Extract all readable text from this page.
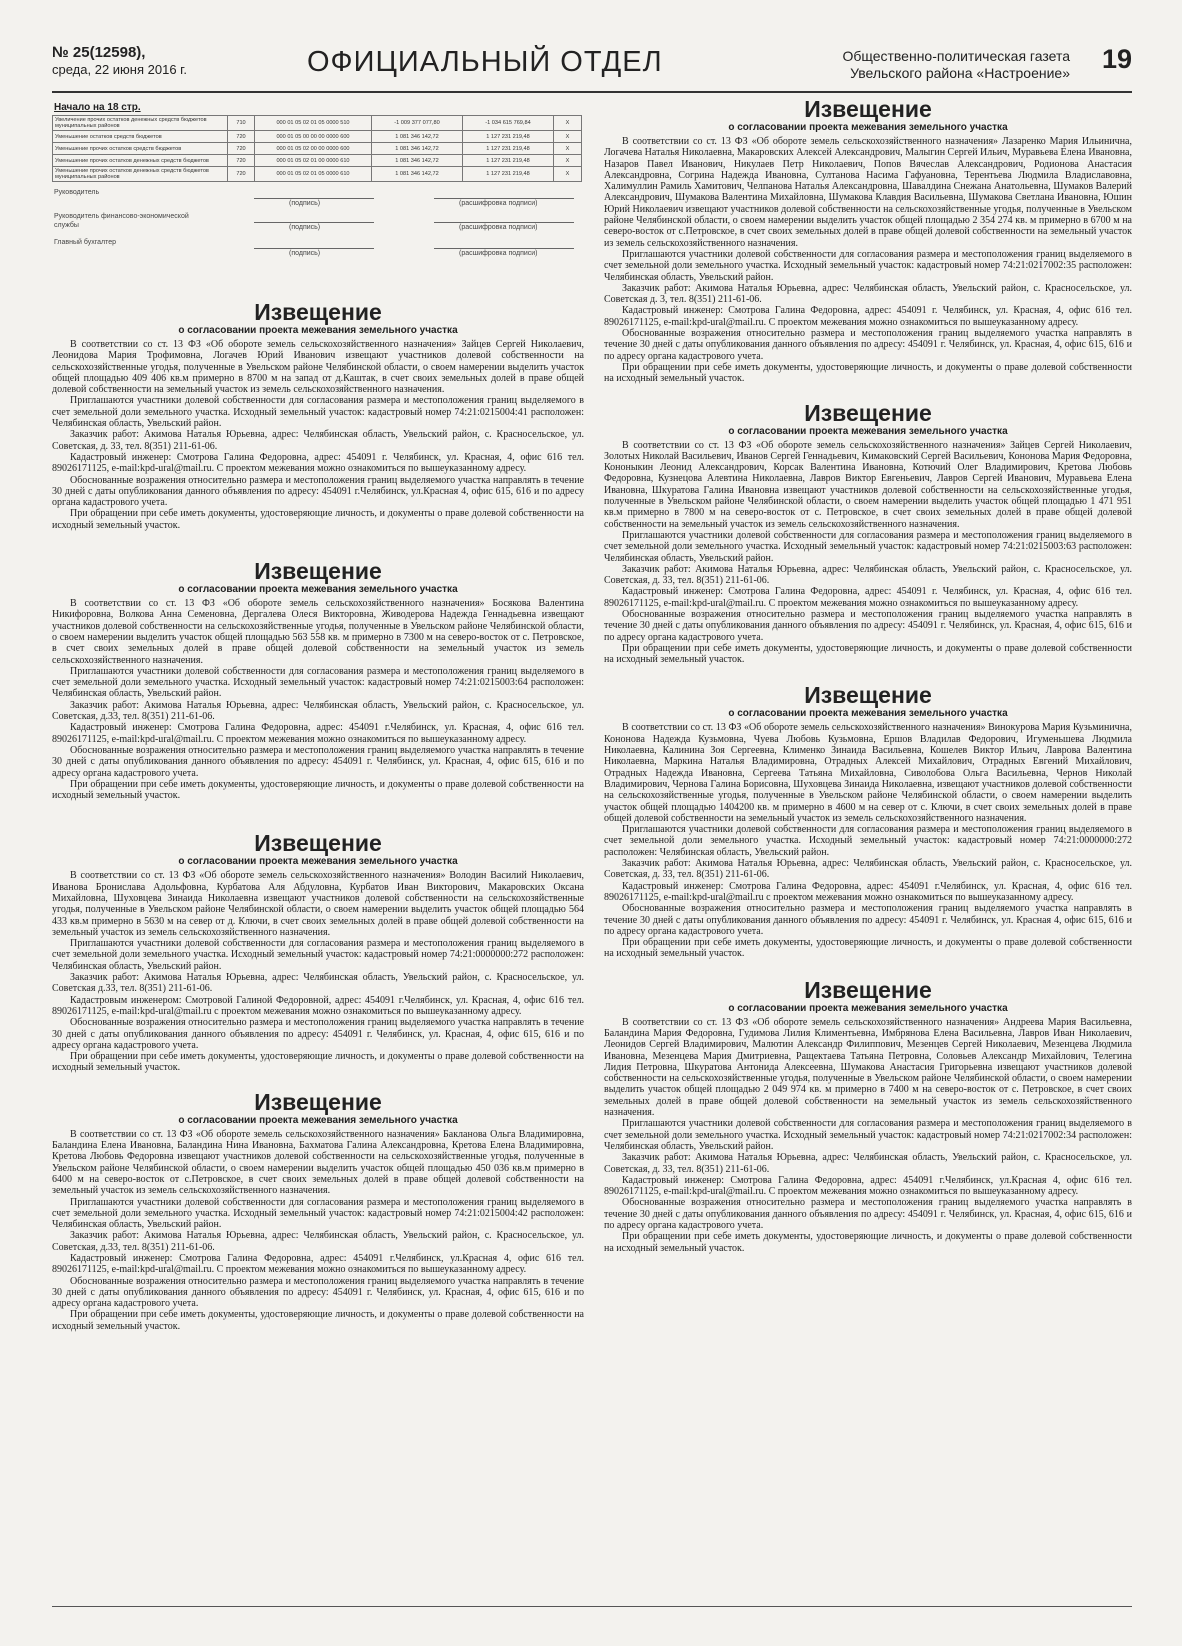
№ 25(12598),
среда, 22 июня 2016 г.	ОФИЦИАЛЬНЫЙ ОТДЕЛ	Общественно-политическая газета
Увельского района «Настроение» 19
Начало на 18 стр.
Увеличение прочих остатков денежных средств бюджетов муниципальных районов	710	000 01 05 02 01 05 0000 510	-1 009 377 077,80	-1 034 615 769,84	X
Уменьшение остатков средств бюджетов	720	000 01 05 00 00 00 0000 600	1 081 346 142,72	1 127 231 219,48	X
Уменьшение прочих остатков средств бюджетов	720	000 01 05 02 00 00 0000 600	1 081 346 142,72	1 127 231 219,48	X
Уменьшение прочих остатков денежных средств бюджетов	720	000 01 05 02 01 00 0000 610	1 081 346 142,72	1 127 231 219,48	X
Уменьшение прочих остатков денежных средств бюджетов муниципальных районов	720	000 01 05 02 01 05 0000 610	1 081 346 142,72	1 127 231 219,48	X
Руководитель
(подпись)	(расшифровка подписи)
Руководитель финансово-экономической службы	(подпись)	(расшифровка подписи)
Главный бухгалтер
(подпись)	(расшифровка подписи)
Извещение
о согласовании проекта межевания земельного участка

В соответствии со ст. 13 ФЗ «Об обороте земель сельскохозяйственного назначения» Зайцев Сергей Николаевич, Леонидова Мария Трофимовна, Логачев Юрий Иванович извещают участников долевой собственности на сельскохозяйственные угодья, полученные в Увельском районе Челябинской области, о своем намерении выделить участок общей площадью 409 406 кв.м примерно в 8700 м на запад от д.Каштак, в счет своих земельных долей в праве общей долевой собственности на земельный участок из земель сельскохозяйственного назначения.

Приглашаются участники долевой собственности для согласования размера и местоположения границ выделяемого в счет земельной доли земельного участка. Исходный земельный участок: кадастровый номер 74:21:0215004:41 расположен: Челябинская область, Увельский район.

Заказчик работ: Акимова Наталья Юрьевна, адрес: Челябинская область, Увельский район, с. Красносельское, ул. Советская, д. 33, тел. 8(351) 211-61-06.

Кадастровый инженер: Смотрова Галина Федоровна, адрес: 454091 г. Челябинск, ул. Красная, 4, офис 616 тел. 89026171125, e-mail:kpd-ural@mail.ru. С проектом межевания можно ознакомиться по вышеуказанному адресу.

Обоснованные возражения относительно размера и местоположения границ выделяемого участка направлять в течение 30 дней с даты опубликования данного объявления по адресу: 454091 г.Челябинск, ул.Красная 4, офис 615, 616 и по адресу органа кадастрового учета.

При обращении при себе иметь документы, удостоверяющие личность, и документы о праве долевой собственности на исходный земельный участок.

Извещение
о согласовании проекта межевания земельного участка

В соответствии со ст. 13 ФЗ «Об обороте земель сельскохозяйственного назначения» Босякова Валентина Никифоровна, Волкова Анна Семеновна, Дергалева Олеся Викторовна, Живодерова Надежда Геннадьевна извещают участников долевой собственности на сельскохозяйственные угодья, полученные в Увельском районе Челябинской области, о своем намерении выделить участок общей площадью 563 558 кв. м примерно в 7300 м на северо-восток от с. Петровское, в счет своих земельных долей в праве общей долевой собственности на земельный участок из земель сельскохозяйственного назначения.

Приглашаются участники долевой собственности для согласования размера и местоположения границ выделяемого в счет земельной доли земельного участка. Исходный земельный участок: кадастровый номер 74:21:0215003:64 расположен: Челябинская область, Увельский район.

Заказчик работ: Акимова Наталья Юрьевна, адрес: Челябинская область, Увельский район, с. Красносельское, ул. Советская, д.33, тел. 8(351) 211-61-06.

Кадастровый инженер: Смотрова Галина Федоровна, адрес: 454091 г.Челябинск, ул. Красная, 4, офис 616 тел. 89026171125, e-mail:kpd-ural@mail.ru. С проектом межевания можно ознакомиться по вышеуказанному адресу.

Обоснованные возражения относительно размера и местоположения границ выделяемого участка направлять в течение 30 дней с даты опубликования данного объявления по адресу: 454091 г. Челябинск, ул. Красная, 4, офис 615, 616 и по адресу органа кадастрового учета.

При обращении при себе иметь документы, удостоверяющие личность, и документы о праве долевой собственности на исходный земельный участок.

Извещение
о согласовании проекта межевания земельного участка

В соответствии со ст. 13 ФЗ «Об обороте земель сельскохозяйственного назначения» Володин Василий Николаевич, Иванова Бронислава Адольфовна, Курбатова Аля Абдуловна, Курбатов Иван Викторович, Макаровских Оксана Михайловна, Шуховцева Зинаида Николаевна извещают участников долевой собственности на сельскохозяйственные угодья, полученные в Увельском районе Челябинской области, о своем намерении выделить участок общей площадью 564 433 кв.м примерно в 5630 м на север от д. Ключи, в счет своих земельных долей в праве общей долевой собственности на земельный участок из земель сельскохозяйственного назначения.

Приглашаются участники долевой собственности для согласования размера и местоположения границ выделяемого в счет земельной доли земельного участка. Исходный земельный участок: кадастровый номер 74:21:0000000:272 расположен: Челябинская область, Увельский район.

Заказчик работ: Акимова Наталья Юрьевна, адрес: Челябинская область, Увельский район, с. Красносельское, ул. Советская д.33, тел. 8(351) 211-61-06.

Кадастровым инженером: Смотровой Галиной Федоровной, адрес: 454091 г.Челябинск, ул. Красная, 4, офис 616 тел. 89026171125, e-mail:kpd-ural@mail.ru с проектом межевания можно ознакомиться по вышеуказанному адресу.

Обоснованные возражения относительно размера и местоположения границ выделяемого участка направлять в течение 30 дней с даты опубликования данного объявления по адресу: 454091 г. Челябинск, ул. Красная, 4, офис 615, 616 и по адресу органа кадастрового учета.

При обращении при себе иметь документы, удостоверяющие личность, и документы о праве долевой собственности на исходный земельный участок.

Извещение
о согласовании проекта межевания земельного участка

В соответствии со ст. 13 ФЗ «Об обороте земель сельскохозяйственного назначения» Бакланова Ольга Владимировна, Баландина Елена Ивановна, Баландина Нина Ивановна, Бахматова Галина Александровна, Кретова Елена Владимировна, Кретова Любовь Федоровна извещают участников долевой собственности на сельскохозяйственные угодья, полученные в Увельском районе Челябинской области, о своем намерении выделить участок общей площадью 450 036 кв.м примерно в 6400 м на северо-восток от с.Петровское, в счет своих земельных долей в праве общей долевой собственности на земельный участок из земель сельскохозяйственного назначения.

Приглашаются участники долевой собственности для согласования размера и местоположения границ выделяемого в счет земельной доли земельного участка. Исходный земельный участок: кадастровый номер 74:21:0215004:42 расположен: Челябинская область, Увельский район.

Заказчик работ: Акимова Наталья Юрьевна, адрес: Челябинская область, Увельский район, с. Красносельское, ул. Советская, д.33, тел. 8(351) 211-61-06.

Кадастровый инженер: Смотрова Галина Федоровна, адрес: 454091 г.Челябинск, ул.Красная 4, офис 616 тел. 89026171125, e-mail:kpd-ural@mail.ru. С проектом межевания можно ознакомиться по вышеуказанному адресу.

Обоснованные возражения относительно размера и местоположения границ выделяемого участка направлять в течение 30 дней с даты опубликования данного объявления по адресу: 454091 г. Челябинск, ул. Красная, 4, офис 615, 616 и по адресу органа кадастрового учета.

При обращении при себе иметь документы, удостоверяющие личность, и документы о праве долевой собственности на исходный земельный участок.

Извещение
о согласовании проекта межевания земельного участка

В соответствии со ст. 13 ФЗ «Об обороте земель сельскохозяйственного назначения» Лазаренко Мария Ильинична, Логачева Наталья Николаевна, Макаровских Алексей Александрович, Малыгин Сергей Ильич, Муравьева Елена Ивановна, Назаров Павел Иванович, Никулаев Петр Николаевич, Попов Вячеслав Александрович, Родионова Анастасия Александровна, Согрина Надежда Ивановна, Султанова Насима Гафуановна, Терентьева Людмила Владиславовна, Халимуллин Рамиль Хамитович, Челпанова Наталья Александровна, Шавалдина Снежана Анатольевна, Шумаков Валерий Александрович, Шумакова Валентина Михайловна, Шумакова Клавдия Васильевна, Шумакова Светлана Ивановна, Юшин Юрий Николаевич извещают участников долевой собственности на сельскохозяйственные угодья, полученные в Увельском районе Челябинской области, о своем намерении выделить участок общей площадью 2 354 274 кв. м примерно в 6700 м на северо-восток от с.Петровское, в счет своих земельных долей в праве общей долевой собственности на земельный участок из земель сельскохозяйственного назначения.

Приглашаются участники долевой собственности для согласования размера и местоположения границ выделяемого в счет земельной доли земельного участка. Исходный земельный участок: кадастровый номер 74:21:0217002:35 расположен: Челябинская область, Увельский район.

Заказчик работ: Акимова Наталья Юрьевна, адрес: Челябинская область, Увельский район, с. Красносельское, ул. Советская д. 3, тел. 8(351) 211-61-06.

Кадастровый инженер: Смотрова Галина Федоровна, адрес: 454091 г. Челябинск, ул. Красная, 4, офис 616 тел. 89026171125, e-mail:kpd-ural@mail.ru. С проектом межевания можно ознакомиться по вышеуказанному адресу.

Обоснованные возражения относительно размера и местоположения границ выделяемого участка направлять в течение 30 дней с даты опубликования данного объявления по адресу: 454091 г. Челябинск, ул. Красная, 4, офис 615, 616 и по адресу органа кадастрового учета.

При обращении при себе иметь документы, удостоверяющие личность, и документы о праве долевой собственности на исходный земельный участок.

Извещение
о согласовании проекта межевания земельного участка

В соответствии со ст. 13 ФЗ «Об обороте земель сельскохозяйственного назначения» Зайцев Сергей Николаевич, Золотых Николай Васильевич, Иванов Сергей Геннадьевич, Кимаковский Сергей Васильевич, Кононова Мария Федоровна, Кононыкин Леонид Александрович, Корсак Валентина Ивановна, Котючий Олег Владимирович, Кретова Любовь Федоровна, Кузнецова Алевтина Николаевна, Лавров Виктор Евгеньевич, Лавров Сергей Иванович, Муравьева Елена Ивановна, Шкуратова Галина Ивановна извещают участников долевой собственности на сельскохозяйственные угодья, полученные в Увельском районе Челябинской области, о своем намерении выделить участок общей площадью 1 471 951 кв.м примерно в 7800 м на северо-восток от с. Петровское, в счет своих земельных долей в праве общей долевой собственности на земельный участок из земель сельскохозяйственного назначения.

Приглашаются участники долевой собственности для согласования размера и местоположения границ выделяемого в счет земельной доли земельного участка. Исходный земельный участок: кадастровый номер 74:21:0215003:63 расположен: Челябинская область, Увельский район.

Заказчик работ: Акимова Наталья Юрьевна, адрес: Челябинская область, Увельский район, с. Красносельское, ул. Советская, д. 33, тел. 8(351) 211-61-06.

Кадастровый инженер: Смотрова Галина Федоровна, адрес: 454091 г. Челябинск, ул. Красная, 4, офис 616 тел. 89026171125, e-mail:kpd-ural@mail.ru. С проектом межевания можно ознакомиться по вышеуказанному адресу.

Обоснованные возражения относительно размера и местоположения границ выделяемого участка направлять в течение 30 дней с даты опубликования данного объявления по адресу: 454091 г. Челябинск, ул. Красная, 4, офис 615, 616 и по адресу органа кадастрового учета.

При обращении при себе иметь документы, удостоверяющие личность, и документы о праве долевой собственности на исходный земельный участок.

Извещение
о согласовании проекта межевания земельного участка

В соответствии со ст. 13 ФЗ «Об обороте земель сельскохозяйственного назначения» Винокурова Мария Кузьминична, Кононова Надежда Кузьмовна, Чуева Любовь Кузьмовна, Ершов Владилав Федорович, Игуменьшева Людмила Николаевна, Калинина Зоя Сергеевна, Клименко Зинаида Васильевна, Кошелев Виктор Ильич, Лаврова Валентина Николаевна, Маркина Наталья Владимировна, Отрадных Алексей Михайлович, Отрадных Евгений Михайлович, Отрадных Надежда Ивановна, Сергеева Татьяна Михайловна, Сиволобова Ольга Васильевна, Чернов Николай Владимирович, Чернова Галина Борисовна, Шуховцева Зинаида Николаевна, извещают участников долевой собственности на сельскохозяйственные угодья, полученные в Увельском районе Челябинской области, о своем намерении выделить участок общей площадью 1404200 кв. м примерно в 4600 м на север от с. Ключи, в счет своих земельных долей в праве общей долевой собственности на земельный участок из земель сельскохозяйственного назначения.

Приглашаются участники долевой собственности для согласования размера и местоположения границ выделяемого в счет земельной доли земельного участка. Исходный земельный участок: кадастровый номер 74:21:0000000:272 расположен: Челябинская область, Увельский район.

Заказчик работ: Акимова Наталья Юрьевна, адрес: Челябинская область, Увельский район, с. Красносельское, ул. Советская, д. 33, тел. 8(351) 211-61-06.

Кадастровый инженер: Смотрова Галина Федоровна, адрес: 454091 г.Челябинск, ул. Красная, 4, офис 616 тел. 89026171125, e-mail:kpd-ural@mail.ru с проектом межевания можно ознакомиться по вышеуказанному адресу.

Обоснованные возражения относительно размера и местоположения границ выделяемого участка направлять в течение 30 дней с даты опубликования данного объявления по адресу: 454091 г. Челябинск, ул. Красная 4, офис 615, 616 и по адресу органа кадастрового учета.

При обращении при себе иметь документы, удостоверяющие личность, и документы о праве долевой собственности на исходный земельный участок.

Извещение
о согласовании проекта межевания земельного участка

В соответствии со ст. 13 ФЗ «Об обороте земель сельскохозяйственного назначения» Андреева Мария Васильевна, Баландина Мария Федоровна, Гудимова Лилия Климентьевна, Имбрянова Елена Васильевна, Лавров Иван Николаевич, Леонидов Сергей Владимирович, Малютин Александр Филиппович, Мезенцев Сергей Николаевич, Мезенцева Людмила Ивановна, Мезенцева Мария Дмитриевна, Ращектаева Татьяна Петровна, Соловьев Александр Михайлович, Телегина Лидия Петровна, Шкуратова Антонида Алексеевна, Шумакова Анастасия Григорьевна извещают участников долевой собственности на сельскохозяйственные угодья, полученные в Увельском районе Челябинской области, о своем намерении выделить участок общей площадью 2 049 974 кв. м примерно в 7400 м на северо-восток от с. Петровское, в счет своих земельных долей в праве общей долевой собственности на земельный участок из земель сельскохозяйственного назначения.

Приглашаются участники долевой собственности для согласования размера и местоположения границ выделяемого в счет земельной доли земельного участка. Исходный земельный участок: кадастровый номер 74:21:0217002:34 расположен: Челябинская область, Увельский район.

Заказчик работ: Акимова Наталья Юрьевна, адрес: Челябинская область, Увельский район, с. Красносельское, ул. Советская, д. 33, тел. 8(351) 211-61-06.

Кадастровый инженер: Смотрова Галина Федоровна, адрес: 454091 г.Челябинск, ул.Красная 4, офис 616 тел. 89026171125, e-mail:kpd-ural@mail.ru. С проектом межевания можно ознакомиться по вышеуказанному адресу.

Обоснованные возражения относительно размера и местоположения границ выделяемого участка направлять в течение 30 дней с даты опубликования данного объявления по адресу: 454091 г. Челябинск, ул. Красная, 4, офис 615, 616 и по адресу органа кадастрового учета.

При обращении при себе иметь документы, удостоверяющие личность, и документы о праве долевой собственности на исходный земельный участок.
